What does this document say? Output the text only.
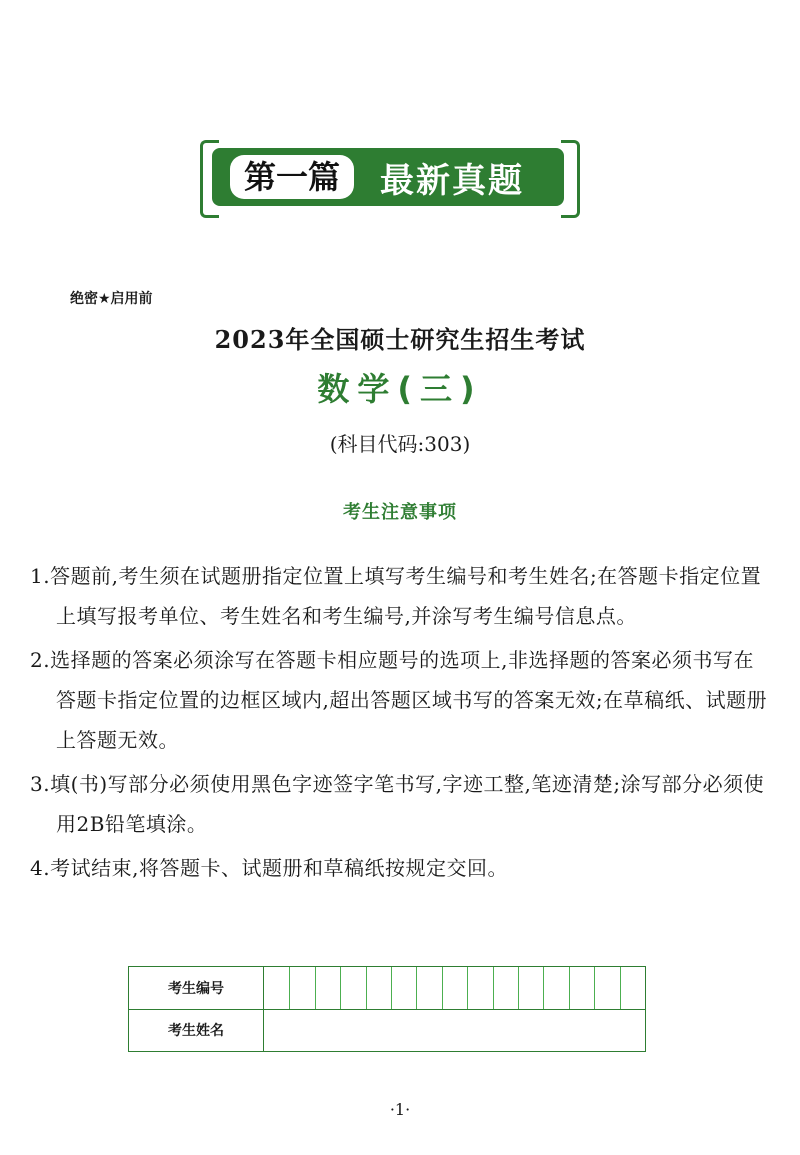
第一篇	最新真题
绝密★启用前
2023年全国硕士研究生招生考试
数学(三)
(科目代码:303)
考生注意事项

1.答题前,考生须在试题册指定位置上填写考生编号和考生姓名;在答题卡指定位置上填写报考单位、考生姓名和考生编号,并涂写考生编号信息点。

2.选择题的答案必须涂写在答题卡相应题号的选项上,非选择题的答案必须书写在答题卡指定位置的边框区域内,超出答题区域书写的答案无效;在草稿纸、试题册上答题无效。

3.填(书)写部分必须使用黑色字迹签字笔书写,字迹工整,笔迹清楚;涂写部分必须使用2B铅笔填涂。

4.考试结束,将答题卡、试题册和草稿纸按规定交回。

考生编号
考生姓名
·1·
